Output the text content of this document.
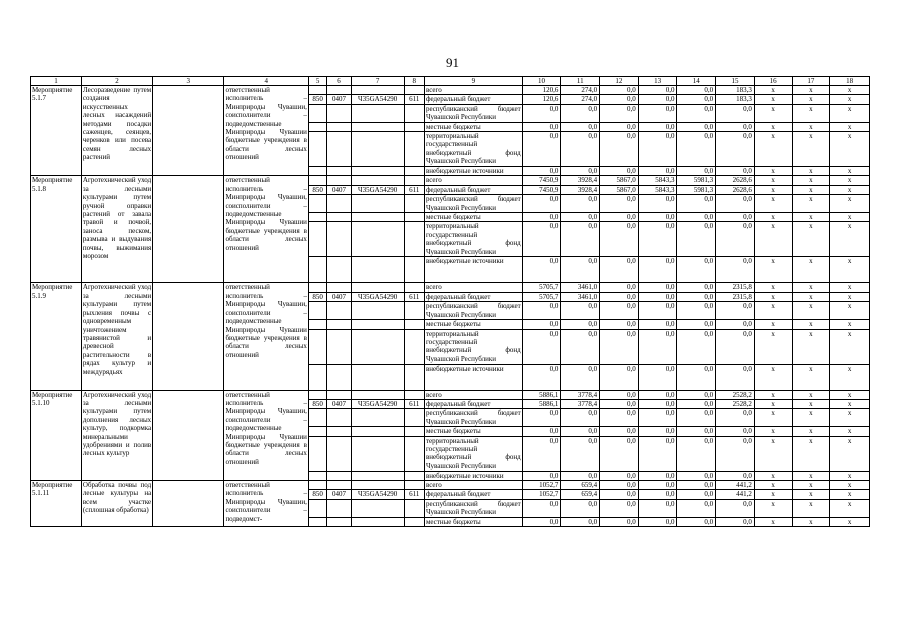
91
1	2	3	4	5	6	7	8	9	10	11	12	13	14	15	16	17	18
Мероприятие 5.1.7	Лесоразведение путем создания искусственных лесных насаждений методами посадки саженцев, сеянцев, черенков или посева семян лесных растений		ответственный исполнитель – Минприроды Чувашии, соисполнители – подведомственные Минприроды Чувашии бюджетные учреждения в области лесных отношений					всего	120,6	274,0	0,0	0,0	0,0	183,3	x	x	x
				850	0407	Ч35GА54290	611	федеральный бюджет	120,6	274,0	0,0	0,0	0,0	183,3	x	x	x
								республиканский бюджет Чувашской Республики	0,0	0,0	0,0	0,0	0,0	0,0	x	x	x
								местные бюджеты	0,0	0,0	0,0	0,0	0,0	0,0	x	x	x
								территориальный государственный внебюджетный фонд Чувашской Республики	0,0	0,0	0,0	0,0	0,0	0,0	x	x	x
								внебюджетные источники	0,0	0,0	0,0	0,0	0,0	0,0	x	x	x
Мероприятие 5.1.8	Агротехнический уход за лесными культурами путем ручной оправки растений от завала травой и почвой, заноса песком, размыва и выдувания почвы, выжимания морозом		ответственный исполнитель – Минприроды Чувашии, соисполнители – подведомственные Минприроды Чувашии бюджетные учреждения в области лесных отношений					всего	7450,9	3928,4	5867,0	5843,3	5981,3	2628,6	x	x	x
				850	0407	Ч35GА54290	611	федеральный бюджет	7450,9	3928,4	5867,0	5843,3	5981,3	2628,6	x	x	x
								республиканский бюджет Чувашской Республики	0,0	0,0	0,0	0,0	0,0	0,0	x	x	x
								местные бюджеты	0,0	0,0	0,0	0,0	0,0	0,0	x	x	x
								территориальный государственный внебюджетный фонд Чувашской Республики	0,0	0,0	0,0	0,0	0,0	0,0	x	x	x
								внебюджетные источники	0,0	0,0	0,0	0,0	0,0	0,0	x	x	x
Мероприятие 5.1.9	Агротехнический уход за лесными культурами путем рыхления почвы с одновременным уничтожением травянистой и древесной растительности в рядах культур и междурядьях		ответственный исполнитель – Минприроды Чувашии, соисполнители – подведомственные Минприроды Чувашии бюджетные учреждения в области лесных отношений					всего	5705,7	3461,0	0,0	0,0	0,0	2315,8	x	x	x
				850	0407	Ч35GА54290	611	федеральный бюджет	5705,7	3461,0	0,0	0,0	0,0	2315,8	x	x	x
								республиканский бюджет Чувашской Республики	0,0	0,0	0,0	0,0	0,0	0,0	x	x	x
								местные бюджеты	0,0	0,0	0,0	0,0	0,0	0,0	x	x	x
								территориальный государственный внебюджетный фонд Чувашской Республики	0,0	0,0	0,0	0,0	0,0	0,0	x	x	x
								внебюджетные источники	0,0	0,0	0,0	0,0	0,0	0,0	x	x	x
Мероприятие 5.1.10	Агротехнический уход за лесными культурами путем дополнения лесных культур, подкормка минеральными удобрениями и полив лесных культур		ответственный исполнитель – Минприроды Чувашии, соисполнители – подведомственные Минприроды Чувашии бюджетные учреждения в области лесных отношений					всего	5886,1	3778,4	0,0	0,0	0,0	2528,2	x	x	x
				850	0407	Ч35GА54290	611	федеральный бюджет	5886,1	3778,4	0,0	0,0	0,0	2528,2	x	x	x
								республиканский бюджет Чувашской Республики	0,0	0,0	0,0	0,0	0,0	0,0	x	x	x
								местные бюджеты	0,0	0,0	0,0	0,0	0,0	0,0	x	x	x
								территориальный государственный внебюджетный фонд Чувашской Республики	0,0	0,0	0,0	0,0	0,0	0,0	x	x	x
								внебюджетные источники	0,0	0,0	0,0	0,0	0,0	0,0	x	x	x
Мероприятие 5.1.11	Обработка почвы под лесные культуры на всем участке (сплошная обработка)		ответственный исполнитель – Минприроды Чувашии, соисполнители – подведомст-					всего	1052,7	659,4	0,0	0,0	0,0	441,2	x	x	x
				850	0407	Ч35GА54290	611	федеральный бюджет	1052,7	659,4	0,0	0,0	0,0	441,2	x	x	x
								республиканский бюджет Чувашской Республики	0,0	0,0	0,0	0,0	0,0	0,0	x	x	x
								местные бюджеты	0,0	0,0	0,0	0,0	0,0	0,0	x	x	x
